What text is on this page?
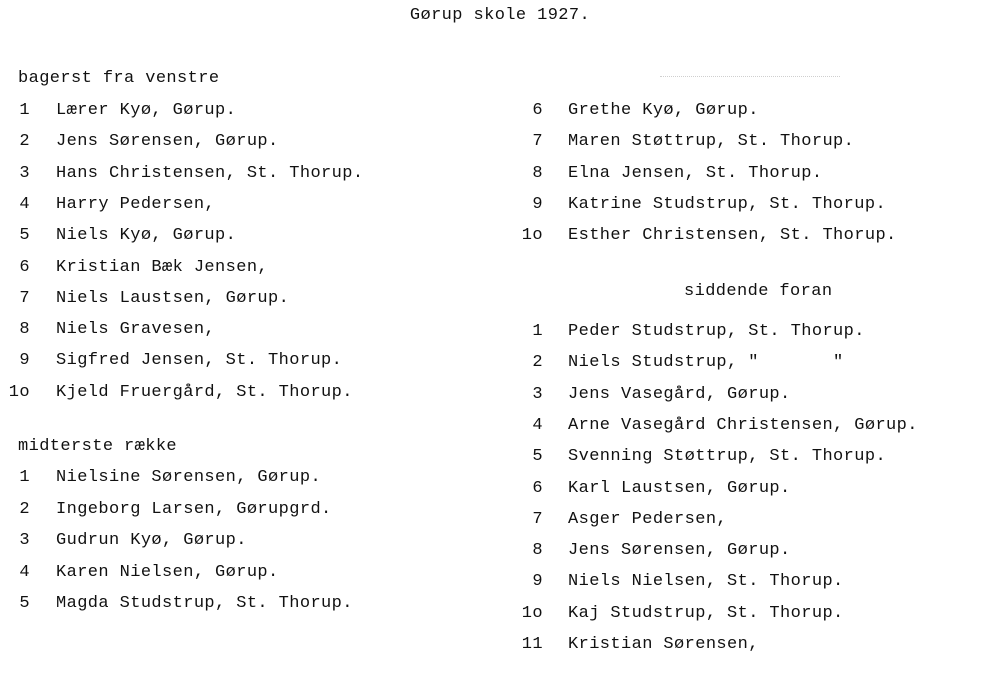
Gørup skole 1927.
bagerst fra venstre
1 Lærer Kyø, Gørup.
2 Jens Sørensen, Gørup.
3 Hans Christensen, St. Thorup.
4 Harry Pedersen,
5 Niels Kyø, Gørup.
6 Kristian Bæk Jensen,
7 Niels Laustsen, Gørup.
8 Niels Gravesen,
9 Sigfred Jensen, St. Thorup.
1o Kjeld Fruergård, St. Thorup.
midterste række
1 Nielsine Sørensen, Gørup.
2 Ingeborg Larsen, Gørupgrd.
3 Gudrun Kyø, Gørup.
4 Karen Nielsen, Gørup.
5 Magda Studstrup, St. Thorup.
6 Grethe Kyø, Gørup.
7 Maren Støttrup, St. Thorup.
8 Elna Jensen, St. Thorup.
9 Katrine Studstrup, St. Thorup.
1o Esther Christensen, St. Thorup.
siddende foran
1 Peder Studstrup, St. Thorup.
2 Niels Studstrup, "       "
3 Jens Vasegård, Gørup.
4 Arne Vasegård Christensen, Gørup.
5 Svenning Støttrup, St. Thorup.
6 Karl Laustsen, Gørup.
7 Asger Pedersen,
8 Jens Sørensen, Gørup.
9 Niels Nielsen, St. Thorup.
1o Kaj Studstrup, St. Thorup.
11 Kristian Sørensen,
